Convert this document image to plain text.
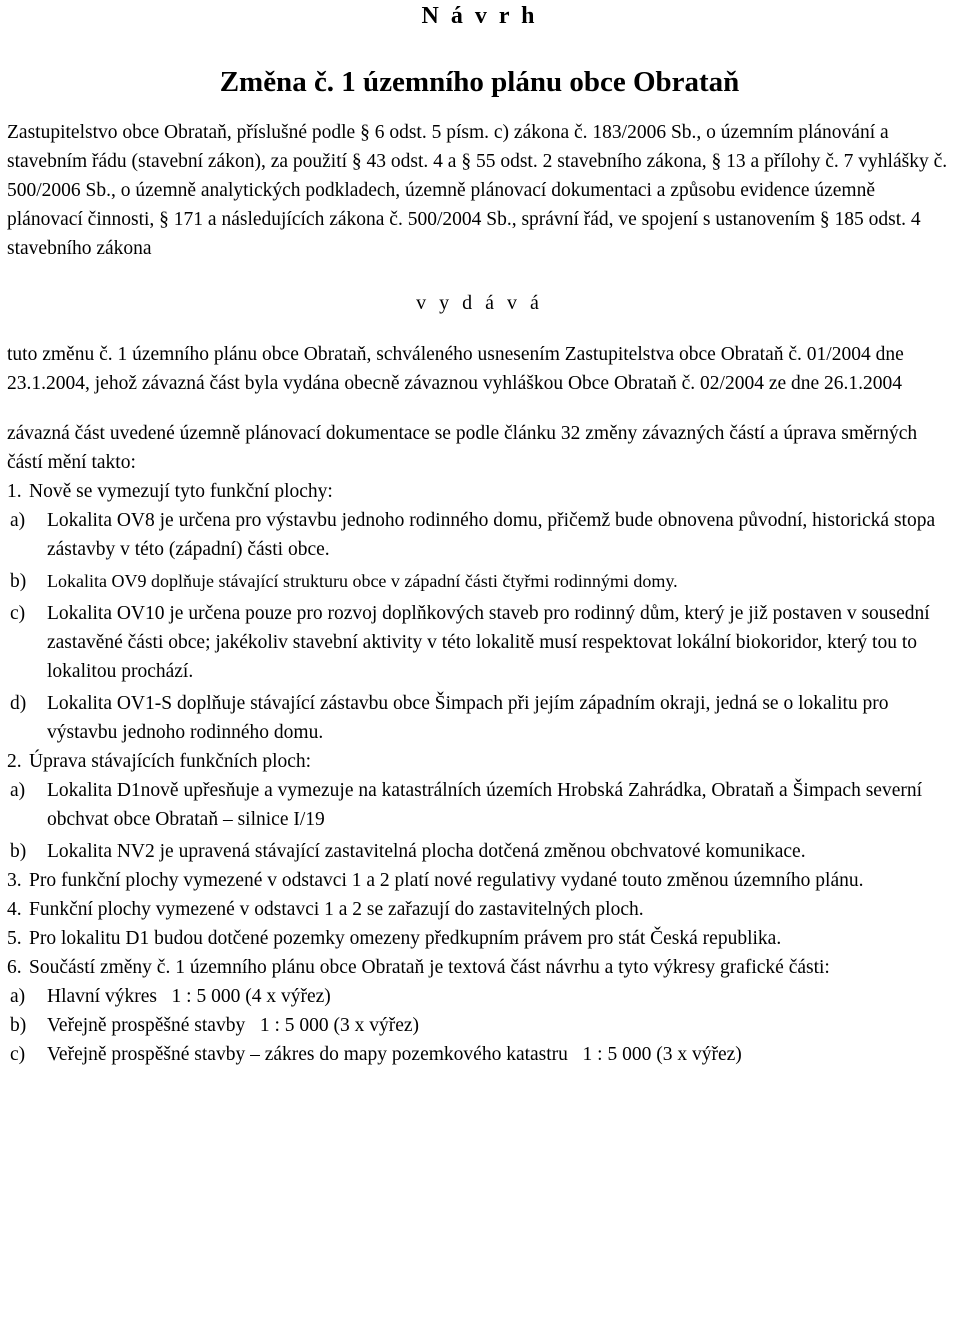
N á v r h

Změna č. 1 územního plánu obce Obrataň

Zastupitelstvo obce Obrataň, příslušné podle § 6 odst. 5 písm. c) zákona č. 183/2006 Sb., o územním plánování a stavebním řádu (stavební zákon), za použití § 43 odst. 4 a § 55 odst. 2 stavebního zákona, § 13 a přílohy č. 7 vyhlášky č. 500/2006 Sb., o územně analytických podkladech, územně plánovací dokumentaci a způsobu evidence územně plánovací činnosti, § 171 a následujících zákona č. 500/2004 Sb., správní řád, ve spojení s ustanovením § 185 odst. 4 stavebního zákona

v y d á v á

tuto změnu č. 1 územního plánu obce Obrataň, schváleného usnesením Zastupitelstva obce Obrataň č. 01/2004 dne 23.1.2004, jehož závazná část byla vydána obecně závaznou vyhláškou Obce Obrataň č. 02/2004 ze dne 26.1.2004

závazná část uvedené územně plánovací dokumentace se podle článku 32 změny závazných částí a úprava směrných částí mění takto:

1. Nově se vymezují tyto funkční plochy:
a)	Lokalita OV8 je určena pro výstavbu jednoho rodinného domu, přičemž bude obnovena původní, historická stopa zástavby v této (západní) části obce.
b)	Lokalita OV9 doplňuje stávající strukturu obce v západní části čtyřmi rodinnými domy.
c)	Lokalita OV10 je určena pouze pro rozvoj doplňkových staveb pro rodinný dům, který je již postaven v sousední zastavěné části obce; jakékoliv stavební aktivity v této lokalitě musí respektovat lokální biokoridor, který tou to lokalitou prochází.
d)	Lokalita OV1-S doplňuje stávající zástavbu obce Šimpach při jejím západním okraji, jedná se o lokalitu pro výstavbu jednoho rodinného domu.
2. Úprava stávajících funkčních ploch:
a)	Lokalita D1nově upřesňuje a vymezuje na katastrálních územích Hrobská Zahrádka, Obrataň a Šimpach severní obchvat obce Obrataň – silnice I/19
b)	Lokalita NV2 je upravená stávající zastavitelná plocha dotčená změnou obchvatové komunikace.
3. Pro funkční plochy vymezené v odstavci 1 a 2 platí nové regulativy vydané touto změnou územního plánu.
4. Funkční plochy vymezené v odstavci 1 a 2 se zařazují do zastavitelných ploch.
5. Pro lokalitu D1 budou dotčené pozemky omezeny předkupním právem pro stát Česká republika.
6. Součástí změny č. 1 územního plánu obce Obrataň je textová část návrhu a tyto výkresy grafické části:
a)	Hlavní výkres   1 : 5 000 (4 x výřez)
b)	Veřejně prospěšné stavby   1 : 5 000 (3 x výřez)
c)	Veřejně prospěšné stavby – zákres do mapy pozemkového katastru   1 : 5 000 (3 x výřez)
